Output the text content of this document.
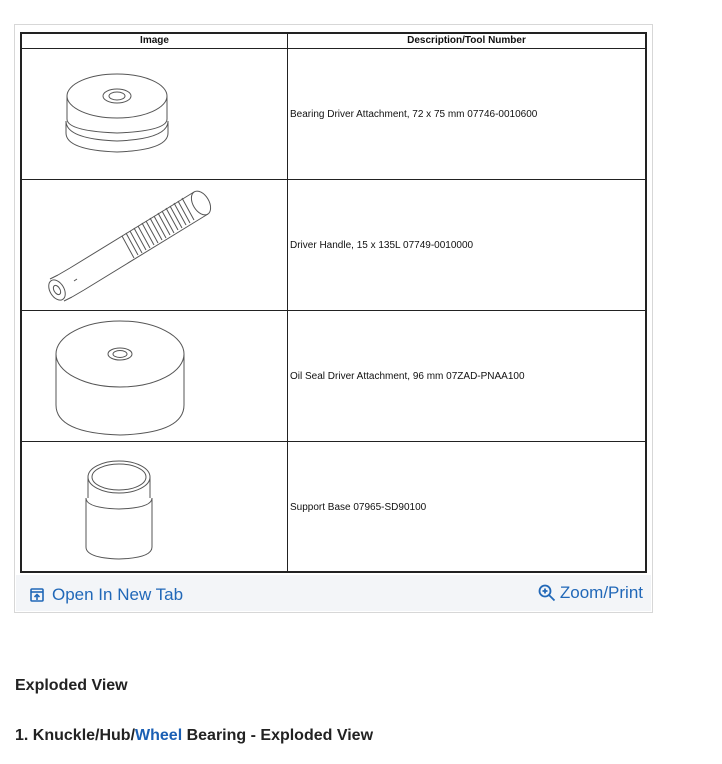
Image	Description/Tool Number
Bearing Driver Attachment, 72 x 75 mm 07746-0010600
Driver Handle, 15 x 135L 07749-0010000
Oil Seal Driver Attachment, 96 mm 07ZAD-PNAA100
Support Base 07965-SD90100
Open In New Tab	Zoom/Print
Exploded View
1. Knuckle/Hub/Wheel Bearing - Exploded View
